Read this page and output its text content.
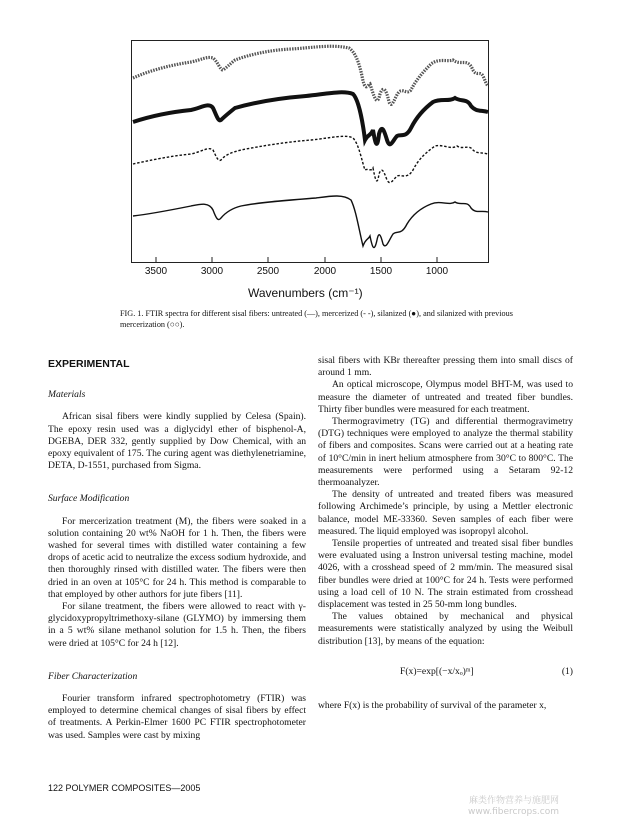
3500	3000	2500	2000	1500	1000
Wavenumbers (cm⁻¹)
FIG. 1. FTIR spectra for different sisal fibers: untreated (—), mercerized (- -), silanized (●), and silanized with previous mercerization (○○).
EXPERIMENTAL
Materials

African sisal fibers were kindly supplied by Celesa (Spain). The epoxy resin used was a diglycidyl ether of bisphenol-A, DGEBA, DER 332, gently supplied by Dow Chemical, with an epoxy equivalent of 175. The curing agent was diethylenetriamine, DETA, D-1551, purchased from Sigma.

Surface Modification

For mercerization treatment (M), the fibers were soaked in a solution containing 20 wt% NaOH for 1 h. Then, the fibers were washed for several times with distilled water containing a few drops of acetic acid to neutralize the excess sodium hydroxide, and then thoroughly rinsed with distilled water. The fibers were then dried in an oven at 105°C for 24 h. This method is comparable to that employed by other authors for jute fibers [11].

For silane treatment, the fibers were allowed to react with γ-glycidoxypropyltrimethoxy-silane (GLYMO) by immersing them in a 5 wt% silane methanol solution for 1.5 h. Then, the fibers were dried at 105°C for 24 h [12].

Fiber Characterization

Fourier transform infrared spectrophotometry (FTIR) was employed to determine chemical changes of sisal fibers by effect of treatments. A Perkin-Elmer 1600 PC FTIR spectrophotometer was used. Samples were cast by mixing

sisal fibers with KBr thereafter pressing them into small discs of around 1 mm.

An optical microscope, Olympus model BHT-M, was used to measure the diameter of untreated and treated fiber bundles. Thirty fiber bundles were measured for each treatment.

Thermogravimetry (TG) and differential thermogravimetry (DTG) techniques were employed to analyze the thermal stability of fibers and composites. Scans were carried out at a heating rate of 10°C/min in inert helium atmosphere from 30°C to 800°C. The measurements were performed using a Setaram 92-12 thermoanalyzer.

The density of untreated and treated fibers was measured following Archimede’s principle, by using a Mettler electronic balance, model ME-33360. Seven samples of each fiber were measured. The liquid employed was isopropyl alcohol.

Tensile properties of untreated and treated sisal fiber bundles were evaluated using a Instron universal testing machine, model 4026, with a crosshead speed of 2 mm/min. The measured sisal fiber bundles were dried at 100°C for 24 h. Tests were performed using a load cell of 10 N. The strain estimated from crosshead displacement was tested in 25 50-mm long bundles.

The values obtained by mechanical and physical measurements were statistically analyzed by using the Weibull distribution [13], by means of the equation:

F(x)=exp[(−x/xₒ)ᵐ]	(1)

where F(x) is the probability of survival of the parameter x,

122 POLYMER COMPOSITES—2005
麻类作物营养与施肥网
www.fibercrops.com
